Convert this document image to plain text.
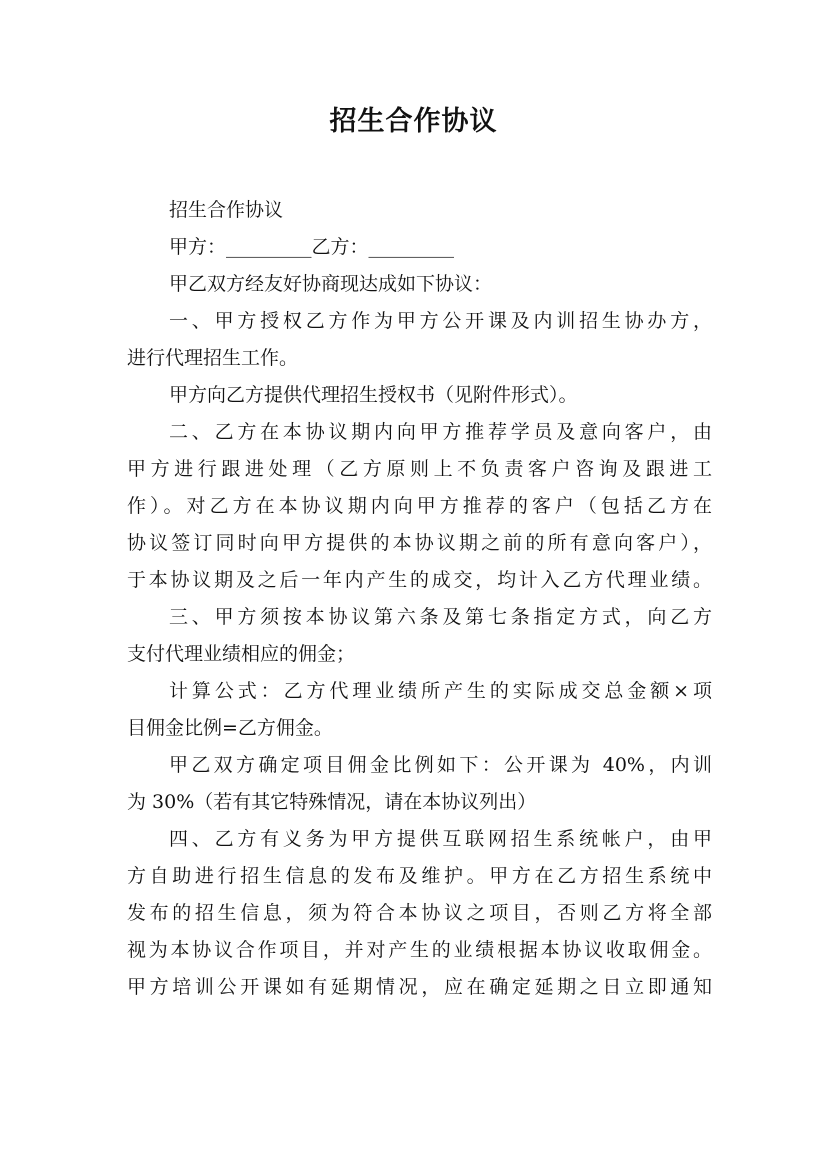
招生合作协议

招生合作协议

甲方：_________乙方：_________

甲乙双方经友好协商现达成如下协议：

一、甲方授权乙方作为甲方公开课及内训招生协办方，

进行代理招生工作。

甲方向乙方提供代理招生授权书（见附件形式）。

二、乙方在本协议期内向甲方推荐学员及意向客户，由

甲方进行跟进处理（乙方原则上不负责客户咨询及跟进工

作）。对乙方在本协议期内向甲方推荐的客户（包括乙方在

协议签订同时向甲方提供的本协议期之前的所有意向客户），

于本协议期及之后一年内产生的成交，均计入乙方代理业绩。

三、甲方须按本协议第六条及第七条指定方式，向乙方

支付代理业绩相应的佣金；

计算公式：乙方代理业绩所产生的实际成交总金额×项

目佣金比例=乙方佣金。

甲乙双方确定项目佣金比例如下：公开课为 40%，内训

为 30%（若有其它特殊情况，请在本协议列出）

四、乙方有义务为甲方提供互联网招生系统帐户，由甲

方自助进行招生信息的发布及维护。甲方在乙方招生系统中

发布的招生信息，须为符合本协议之项目，否则乙方将全部

视为本协议合作项目，并对产生的业绩根据本协议收取佣金。

甲方培训公开课如有延期情况，应在确定延期之日立即通知
